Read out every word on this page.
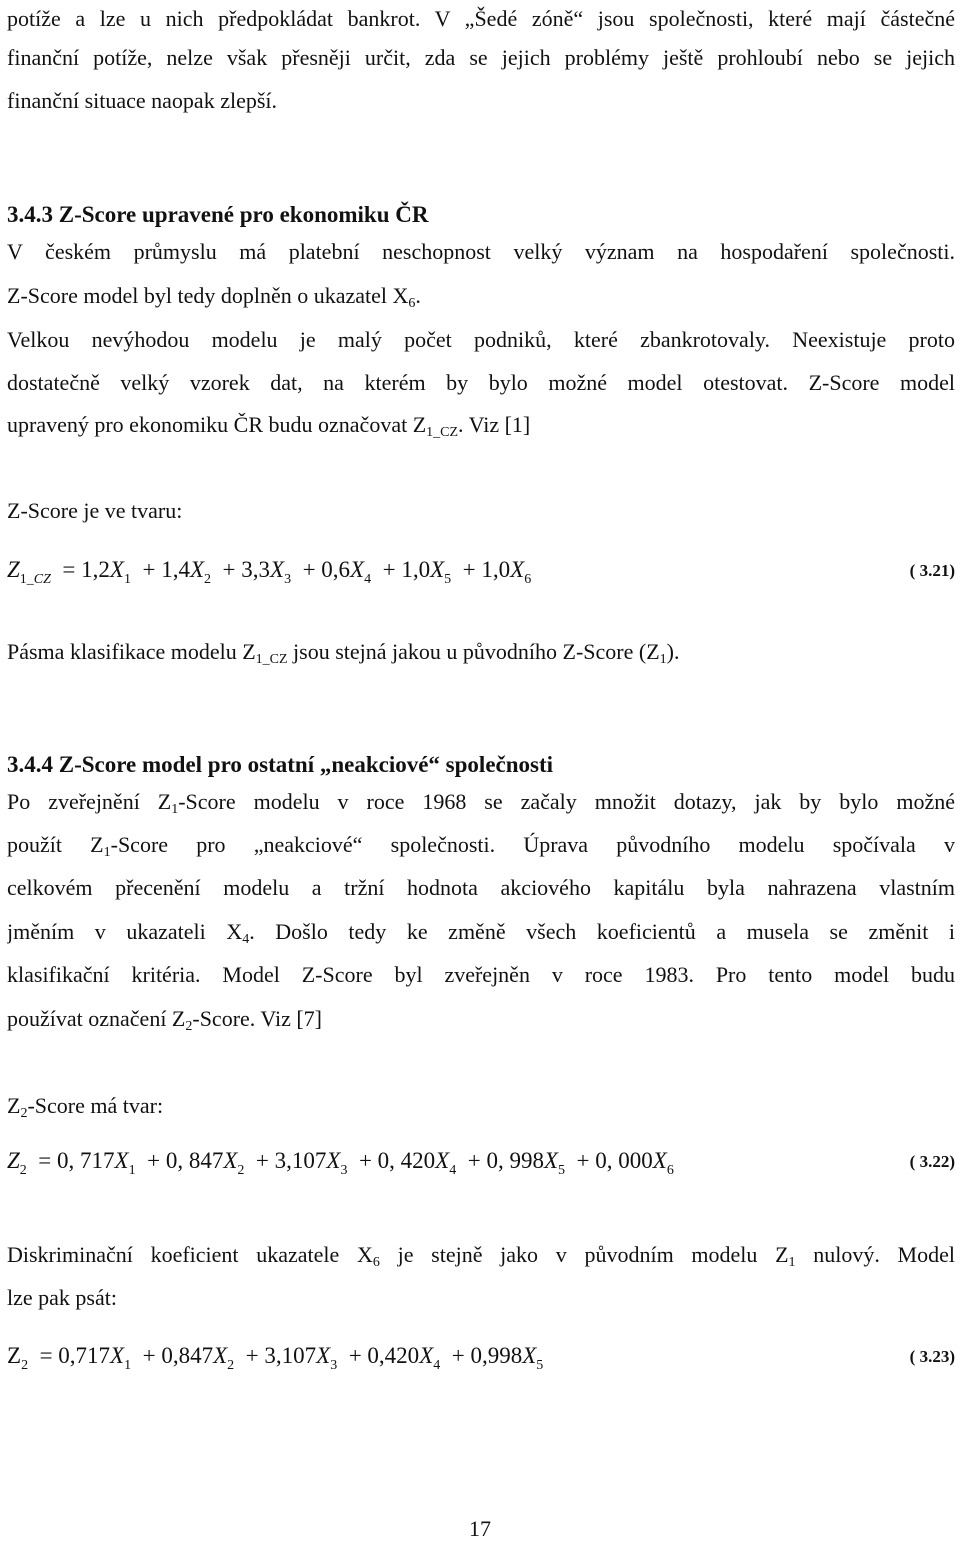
potíže a lze u nich předpokládat bankrot. V „Šedé zóně“ jsou společnosti, které mají částečné
finanční potíže, nelze však přesněji určit, zda se jejich problémy ještě prohloubí nebo se jejich
finanční situace naopak zlepší.
3.4.3 Z-Score upravené pro ekonomiku ČR
V českém průmyslu má platební neschopnost velký význam na hospodaření společnosti.
Z-Score model byl tedy doplněn o ukazatel $X_6$.
Velkou nevýhodou modelu je malý počet podniků, které zbankrotovaly. Neexistuje proto
dostatečně velký vzorek dat, na kterém by bylo možné model otestovat. Z-Score model
upravený pro ekonomiku ČR budu označovat $Z_{1\_CZ}$. Viz [1]
Z-Score je ve tvaru:
$Z_{1\_CZ} = 1,2X_1 + 1,4X_2 + 3,3X_3 + 0,6X_4 + 1,0X_5 + 1,0X_6$	( 3.21)
Pásma klasifikace modelu $Z_{1\_CZ}$ jsou stejná jakou u původního Z-Score $(Z_1)$.
3.4.4 Z-Score model pro ostatní „neakciové“ společnosti
Po zveřejnění $Z_1$-Score modelu v roce 1968 se začaly množit dotazy, jak by bylo možné
použít $Z_1$-Score pro „neakciové“ společnosti. Úprava původního modelu spočívala v
celkovém přecenění modelu a tržní hodnota akciového kapitálu byla nahrazena vlastním
jměním v ukazateli $X_4$. Došlo tedy ke změně všech koeficientů a musela se změnit i
klasifikační kritéria. Model Z-Score byl zveřejněn v roce 1983. Pro tento model budu
používat označení $Z_2$-Score. Viz [7]
$Z_2$-Score má tvar:
$Z_2 = 0$, $717X_1 + 0$, $847X_2 + 3,107X_3 + 0$, $420X_4 + 0$, $998X_5 + 0$, $000X_6$	( 3.22)
Diskriminační koeficient ukazatele $X_6$ je stejně jako v původním modelu $Z_1$ nulový. Model
lze pak psát:
$Z_2 = 0,717X_1 + 0,847X_2 + 3,107X_3 + 0,420X_4 + 0,998X_5$	( 3.23)
17
